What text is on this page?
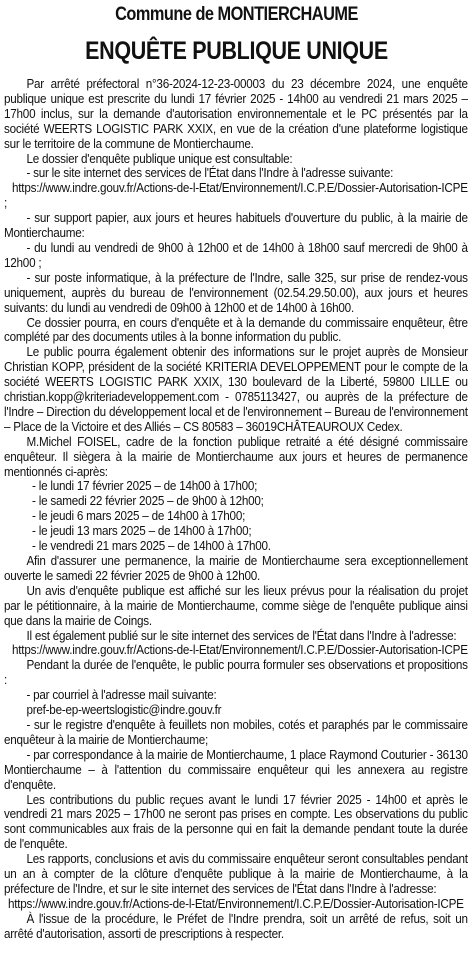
Commune de MONTIERCHAUME
ENQUÊTE PUBLIQUE UNIQUE

Par arrêté préfectoral n°36-2024-12-23-00003 du 23 décembre 2024, une enquête publique unique est prescrite du lundi 17 février 2025 - 14h00 au vendredi 21 mars 2025 – 17h00 inclus, sur la demande d'autorisation environnementale et le PC présentés par la société WEERTS LOGISTIC PARK XXIX, en vue de la création d'une plateforme logistique sur le territoire de la commune de Montierchaume.

Le dossier d'enquête publique unique est consultable:

- sur le site internet des services de l'État dans l'Indre à l'adresse suivante:

https://www.indre.gouv.fr/Actions-de-l-Etat/Environnement/I.C.P.E/Dossier-Autorisation-ICPE

;

- sur support papier, aux jours et heures habituels d'ouverture du public, à la mairie de Montierchaume:

- du lundi au vendredi de 9h00 à 12h00 et de 14h00 à 18h00 sauf mercredi de 9h00 à 12h00 ;

- sur poste informatique, à la préfecture de l'Indre, salle 325, sur prise de rendez-vous uniquement, auprès du bureau de l'environnement (02.54.29.50.00), aux jours et heures suivants: du lundi au vendredi de 09h00 à 12h00 et de 14h00 à 16h00.

Ce dossier pourra, en cours d'enquête et à la demande du commissaire enquêteur, être complété par des documents utiles à la bonne information du public.

Le public pourra également obtenir des informations sur le projet auprès de Monsieur Christian KOPP, président de la société KRITERIA DEVELOPPEMENT pour le compte de la société WEERTS LOGISTIC PARK XXIX, 130 boulevard de la Liberté, 59800 LILLE ou christian.kopp@kriteriadeveloppement.com - 0785113427, ou auprès de la préfecture de l'Indre – Direction du développement local et de l'environnement – Bureau de l'environnement – Place de la Victoire et des Alliés – CS 80583 – 36019CHÂTEAUROUX Cedex.

M.Michel FOISEL, cadre de la fonction publique retraité a été désigné commissaire enquêteur. Il siègera à la mairie de Montierchaume aux jours et heures de permanence mentionnés ci-après:

- le lundi 17 février 2025 – de 14h00 à 17h00;

- le samedi 22 février 2025 – de 9h00 à 12h00;

- le jeudi 6 mars 2025 – de 14h00 à 17h00;

- le jeudi 13 mars 2025 – de 14h00 à 17h00;

- le vendredi 21 mars 2025 – de 14h00 à 17h00.

Afin d'assurer une permanence, la mairie de Montierchaume sera exceptionnellement ouverte le samedi 22 février 2025 de 9h00 à 12h00.

Un avis d'enquête publique est affiché sur les lieux prévus pour la réalisation du projet par le pétitionnaire, à la mairie de Montierchaume, comme siège de l'enquête publique ainsi que dans la mairie de Coings.

Il est également publié sur le site internet des services de l'État dans l'Indre à l'adresse:

https://www.indre.gouv.fr/Actions-de-l-Etat/Environnement/I.C.P.E/Dossier-Autorisation-ICPE

Pendant la durée de l'enquête, le public pourra formuler ses observations et propositions :

- par courriel à l'adresse mail suivante:

pref-be-ep-weertslogistic@indre.gouv.fr

- sur le registre d'enquête à feuillets non mobiles, cotés et paraphés par le commissaire enquêteur à la mairie de Montierchaume;

- par correspondance à la mairie de Montierchaume, 1 place Raymond Couturier - 36130 Montierchaume – à l'attention du commissaire enquêteur qui les annexera au registre d'enquête.

Les contributions du public reçues avant le lundi 17 février 2025 - 14h00 et après le vendredi 21 mars 2025 – 17h00 ne seront pas prises en compte. Les observations du public sont communicables aux frais de la personne qui en fait la demande pendant toute la durée de l'enquête.

Les rapports, conclusions et avis du commissaire enquêteur seront consultables pendant un an à compter de la clôture d'enquête publique à la mairie de Montierchaume, à la préfecture de l'Indre, et sur le site internet des services de l'État dans l'Indre à l'adresse:

https://www.indre.gouv.fr/Actions-de-l-Etat/Environnement/I.C.P.E/Dossier-Autorisation-ICPE

À l'issue de la procédure, le Préfet de l'Indre prendra, soit un arrêté de refus, soit un arrêté d'autorisation, assorti de prescriptions à respecter.
